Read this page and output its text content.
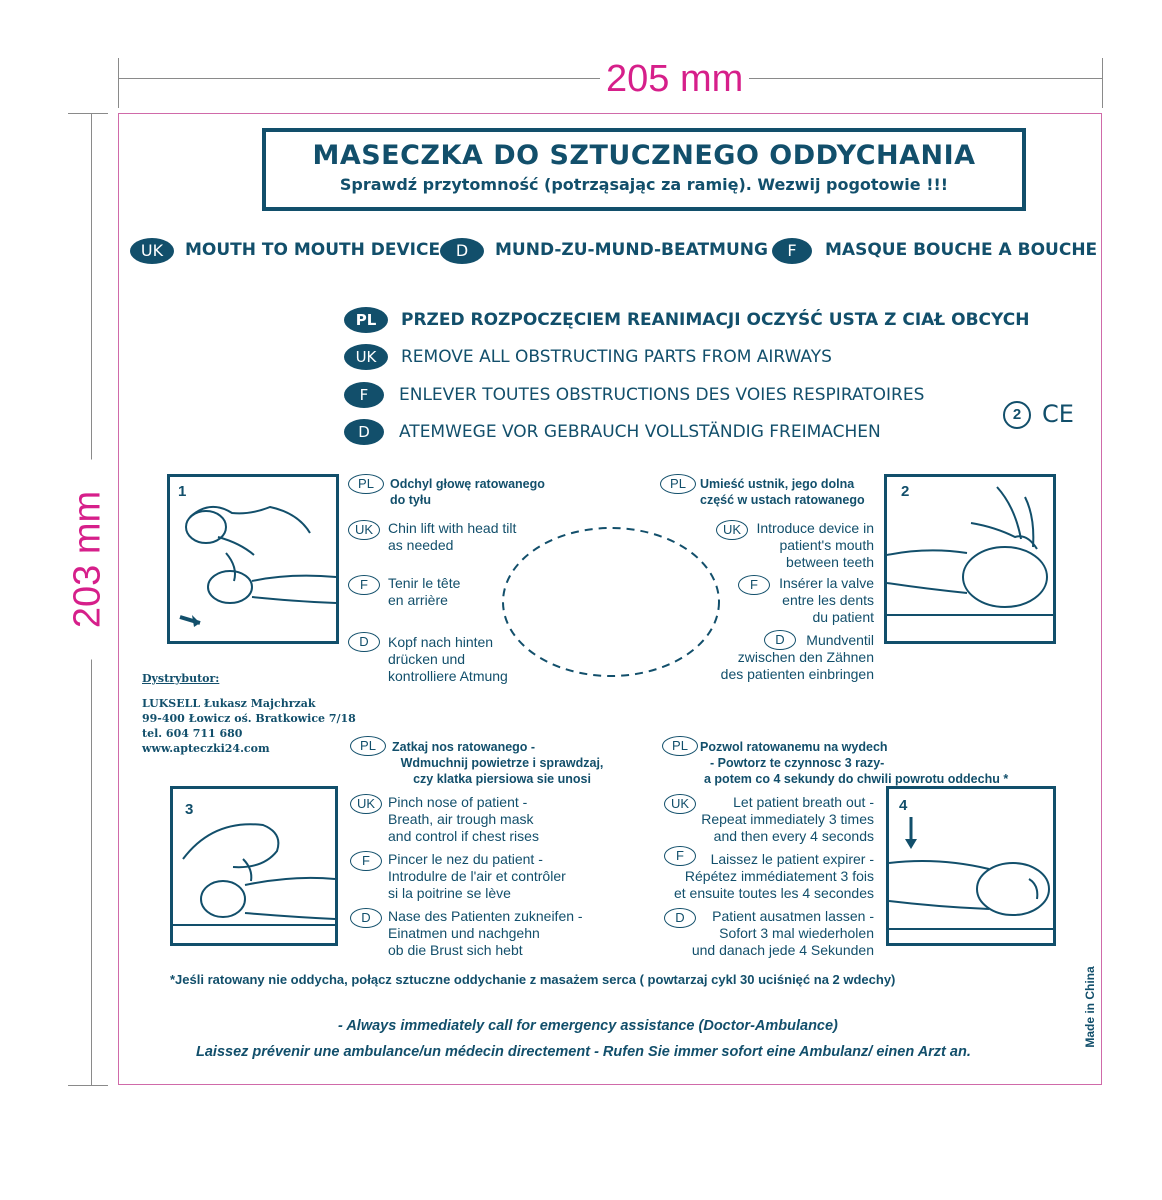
205 mm
203 mm
MASECZKA DO SZTUCZNEGO ODDYCHANIA
Sprawdź przytomność (potrząsając za ramię). Wezwij pogotowie !!!
UK	MOUTH TO MOUTH DEVICE D	MUND-ZU-MUND-BEATMUNG	F	MASQUE BOUCHE A BOUCHE
PL	PRZED ROZPOCZĘCIEM REANIMACJI OCZYŚĆ USTA Z CIAŁ OBCYCH
UK	REMOVE ALL OBSTRUCTING PARTS FROM AIRWAYS
F	ENLEVER TOUTES OBSTRUCTIONS DES VOIES RESPIRATOIRES
D	ATEMWEGE VOR GEBRAUCH VOLLSTÄNDIG FREIMACHEN
2 CE
1	2
3	4
PL	Odchyl głowę ratowanego
do tyłu
UK	Chin lift with head tilt
as needed
F	Tenir le tête
en arrière
D	Kopf nach hinten
drücken und
kontrolliere Atmung
PL	Umieść ustnik, jego dolna
część w ustach ratowanego
UK	Introduce device in
patient's mouth
between teeth
F	Insérer la valve
entre les dents
du patient
D	Mundventil
zwischen den Zähnen
des patienten einbringen
Dystrybutor:
LUKSELL Łukasz Majchrzak
99-400 Łowicz oś. Bratkowice 7/18
tel. 604 711 680
www.apteczki24.com	PL	Zatkaj nos ratowanego -
Wdmuchnij powietrze i sprawdzaj,
czy klatka piersiowa sie unosi
UK Pinch nose of patient -
Breath, air trough mask
and control if chest rises
F	Pincer le nez du patient -
Introdulre de l'air et contrôler
si la poitrine se lève
D	Nase des Patienten zukneifen -
Einatmen und nachgehn
ob die Brust sich hebt
PL Pozwol ratowanemu na wydech
- Powtorz te czynnosc 3 razy-
a potem co 4 sekundy do chwili powrotu oddechu *
UK	Let patient breath out -
Repeat immediately 3 times
and then every 4 seconds
F	Laissez le patient expirer -
Répétez immédiatement 3 fois
et ensuite toutes les 4 secondes
D	Patient ausatmen lassen -
Sofort 3 mal wiederholen
und danach jede 4 Sekunden
*Jeśli ratowany nie oddycha, połącz sztuczne oddychanie z masażem serca ( powtarzaj cykl 30 uciśnięć na 2 wdechy)
- Always immediately call for emergency assistance (Doctor-Ambulance)
Laissez prévenir une ambulance/un médecin directement - Rufen Sie immer sofort eine Ambulanz/ einen Arzt an.
Made in China
